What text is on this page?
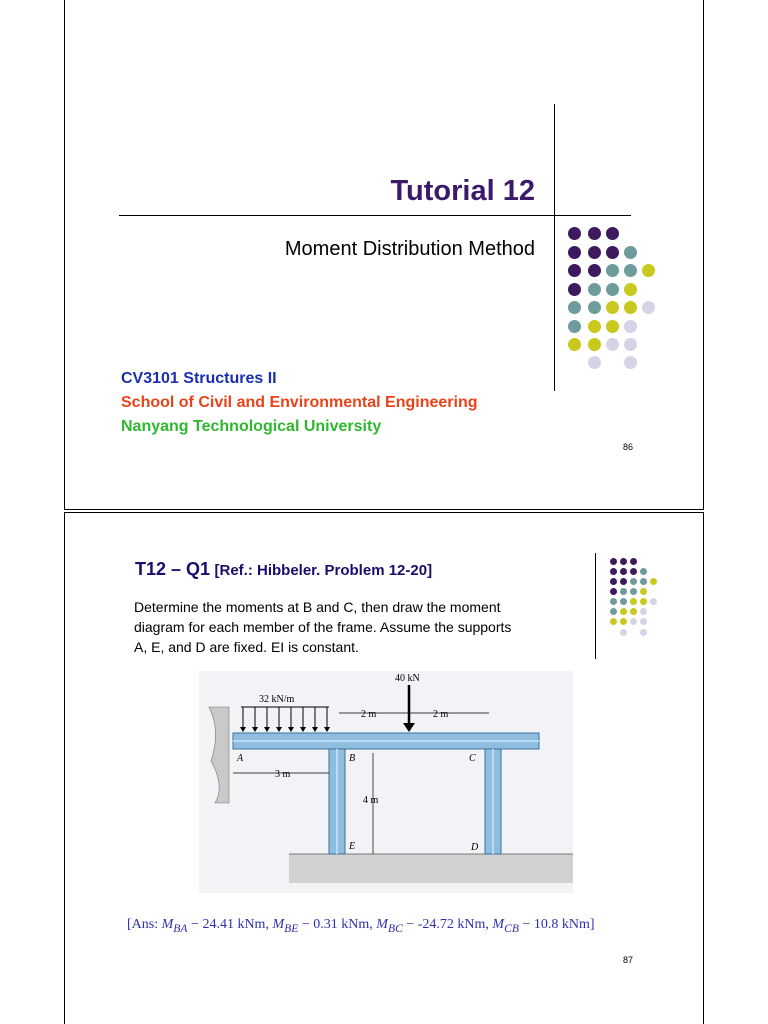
Tutorial 12
Moment Distribution Method
CV3101 Structures II
School of Civil and Environmental Engineering
Nanyang Technological University
86
T12 – Q1 [Ref.: Hibbeler. Problem 12-20]
Determine the moments at B and C, then draw the moment
diagram for each member of the frame. Assume the supports
A, E, and D are fixed. EI is constant.
32 kN/m
40 kN
2 m	2 m
3 m
4 m
A	B	C
D
E
[Ans: $M_{BA} - 24.41$ kNm, $M_{BE} - 0.31$ kNm, $M_{BC} - -24.72$ kNm, $M_{CB} - 10.8$ kNm]
87
